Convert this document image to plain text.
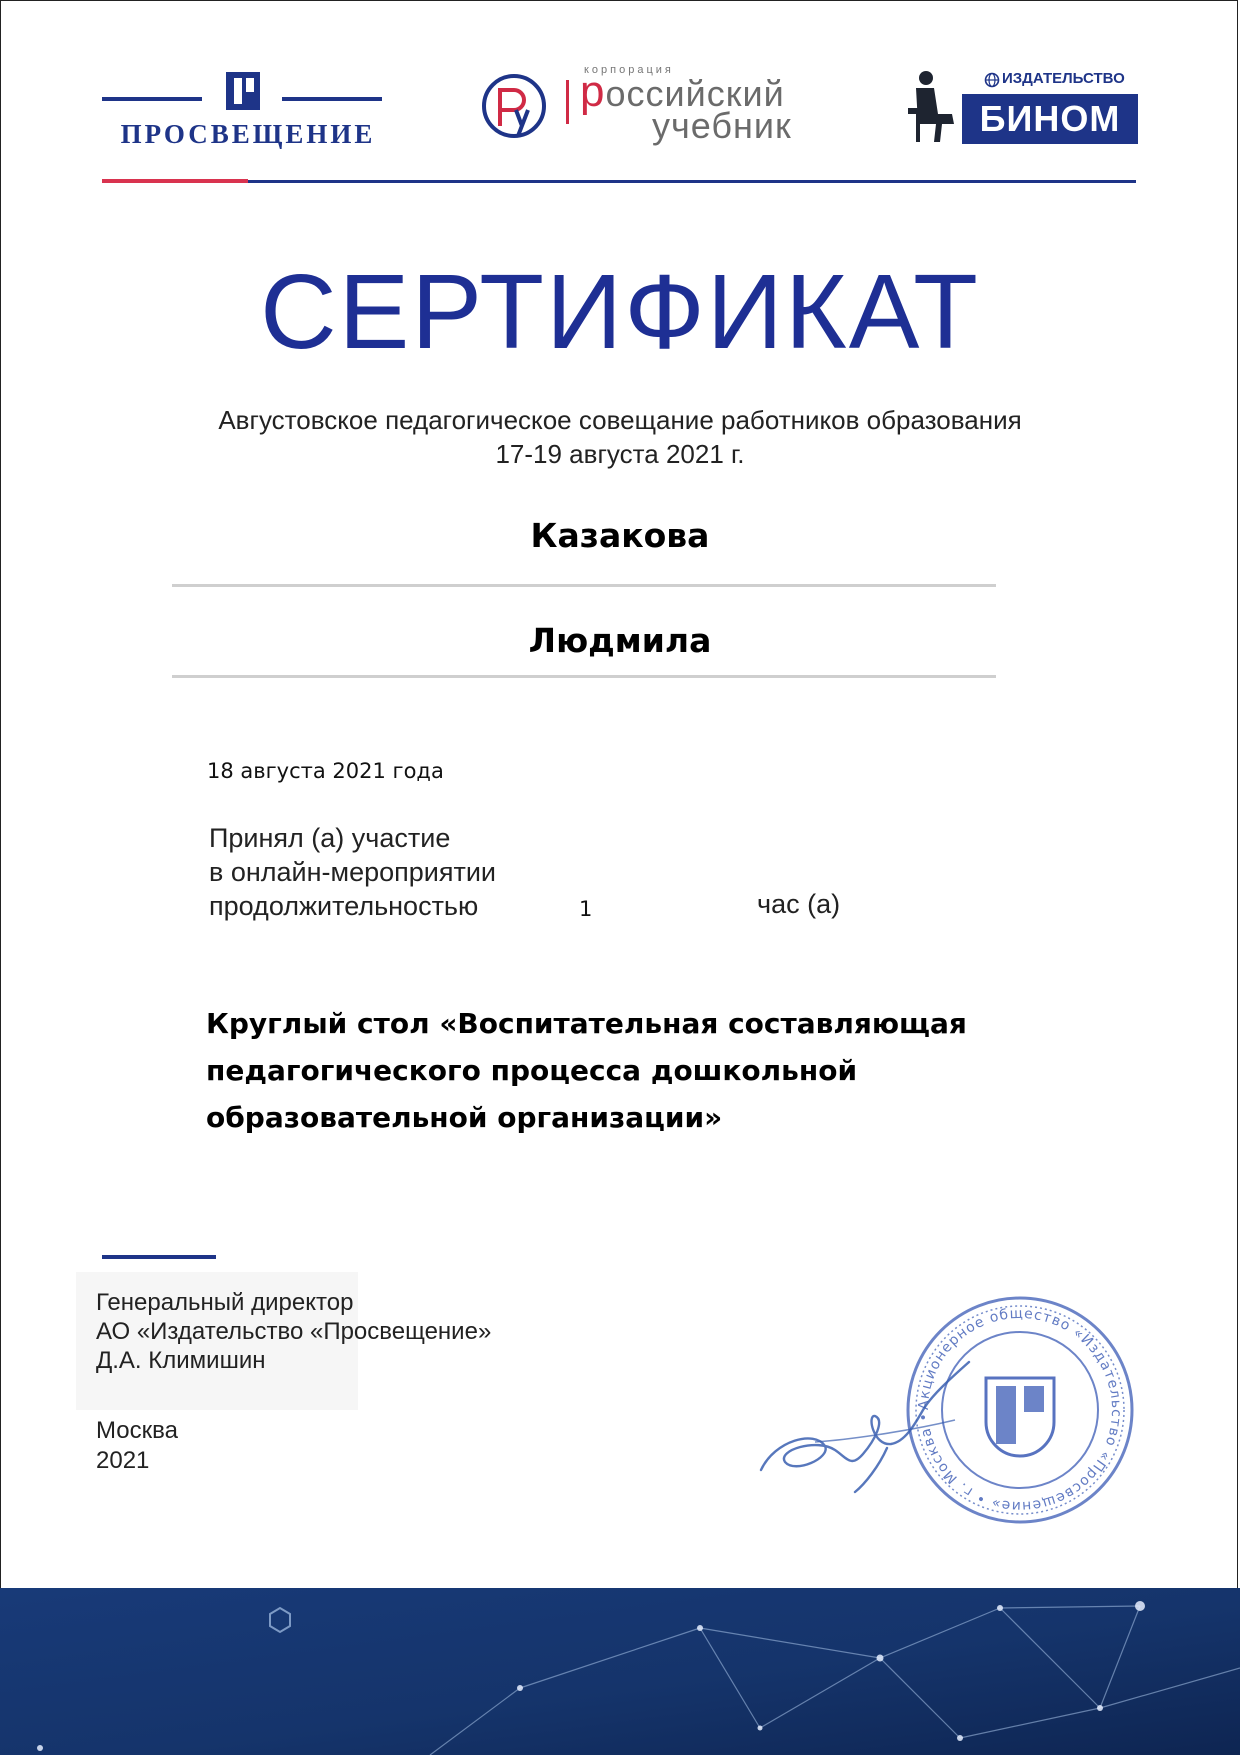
ПРОСВЕЩЕНИЕ
корпорация
российский
учебник
ИЗДАТЕЛЬСТВО
БИНОМ
СЕРТИФИКАТ
Августовское педагогическое совещание работников образования
17-19 августа 2021 г.
Казакова
Людмила
18 августа 2021 года
Принял (а) участие
в онлайн-мероприятии
продолжительностью	1	час (а)
Круглый стол «Воспитательная составляющая
педагогического процесса дошкольной
образовательной организации»
Генеральный директор
АО «Издательство «Просвещение»
Д.А. Климишин
Москва
2021
Акционерное общество «Издательство «Просвещение» • г. Москва •
